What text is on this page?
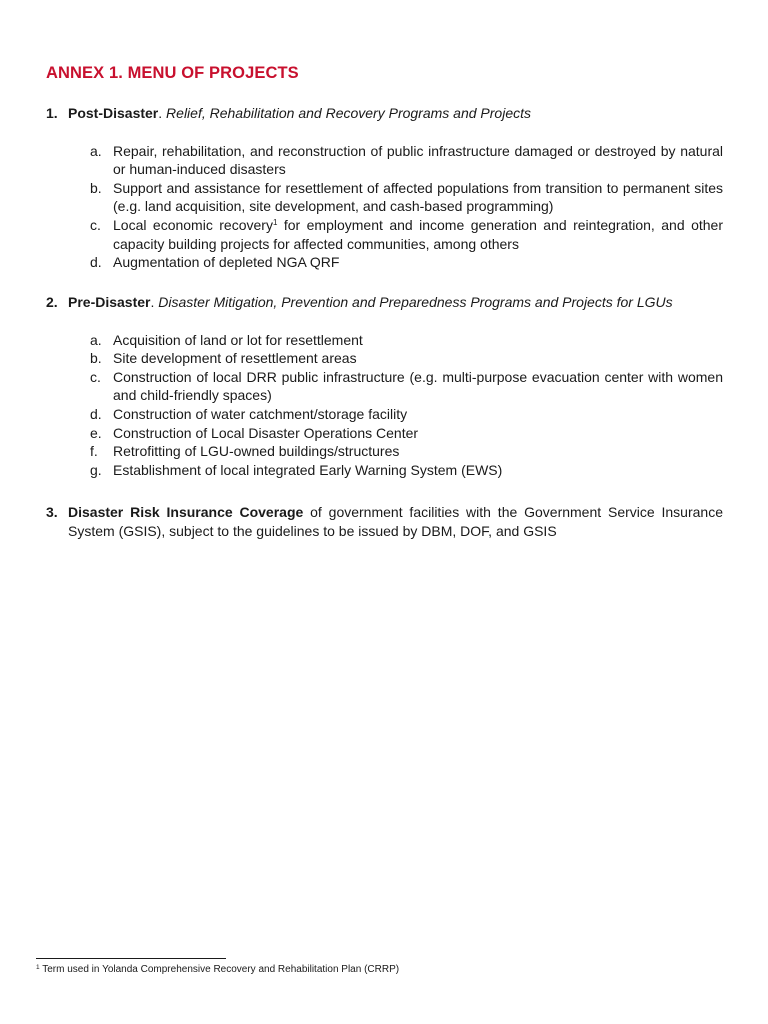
ANNEX 1. MENU OF PROJECTS
1. Post-Disaster. Relief, Rehabilitation and Recovery Programs and Projects
a. Repair, rehabilitation, and reconstruction of public infrastructure damaged or destroyed by natural or human-induced disasters
b. Support and assistance for resettlement of affected populations from transition to permanent sites (e.g. land acquisition, site development, and cash-based programming)
c. Local economic recovery$^1$ for employment and income generation and reintegration, and other capacity building projects for affected communities, among others
d. Augmentation of depleted NGA QRF
2. Pre-Disaster. Disaster Mitigation, Prevention and Preparedness Programs and Projects for LGUs
a. Acquisition of land or lot for resettlement
b. Site development of resettlement areas
c. Construction of local DRR public infrastructure (e.g. multi-purpose evacuation center with women and child-friendly spaces)
d. Construction of water catchment/storage facility
e. Construction of Local Disaster Operations Center
f.	Retrofitting of LGU-owned buildings/structures
g. Establishment of local integrated Early Warning System (EWS)
3. Disaster Risk Insurance Coverage of government facilities with the Government Service Insurance System (GSIS), subject to the guidelines to be issued by DBM, DOF, and GSIS
$^1$ Term used in Yolanda Comprehensive Recovery and Rehabilitation Plan (CRRP)
